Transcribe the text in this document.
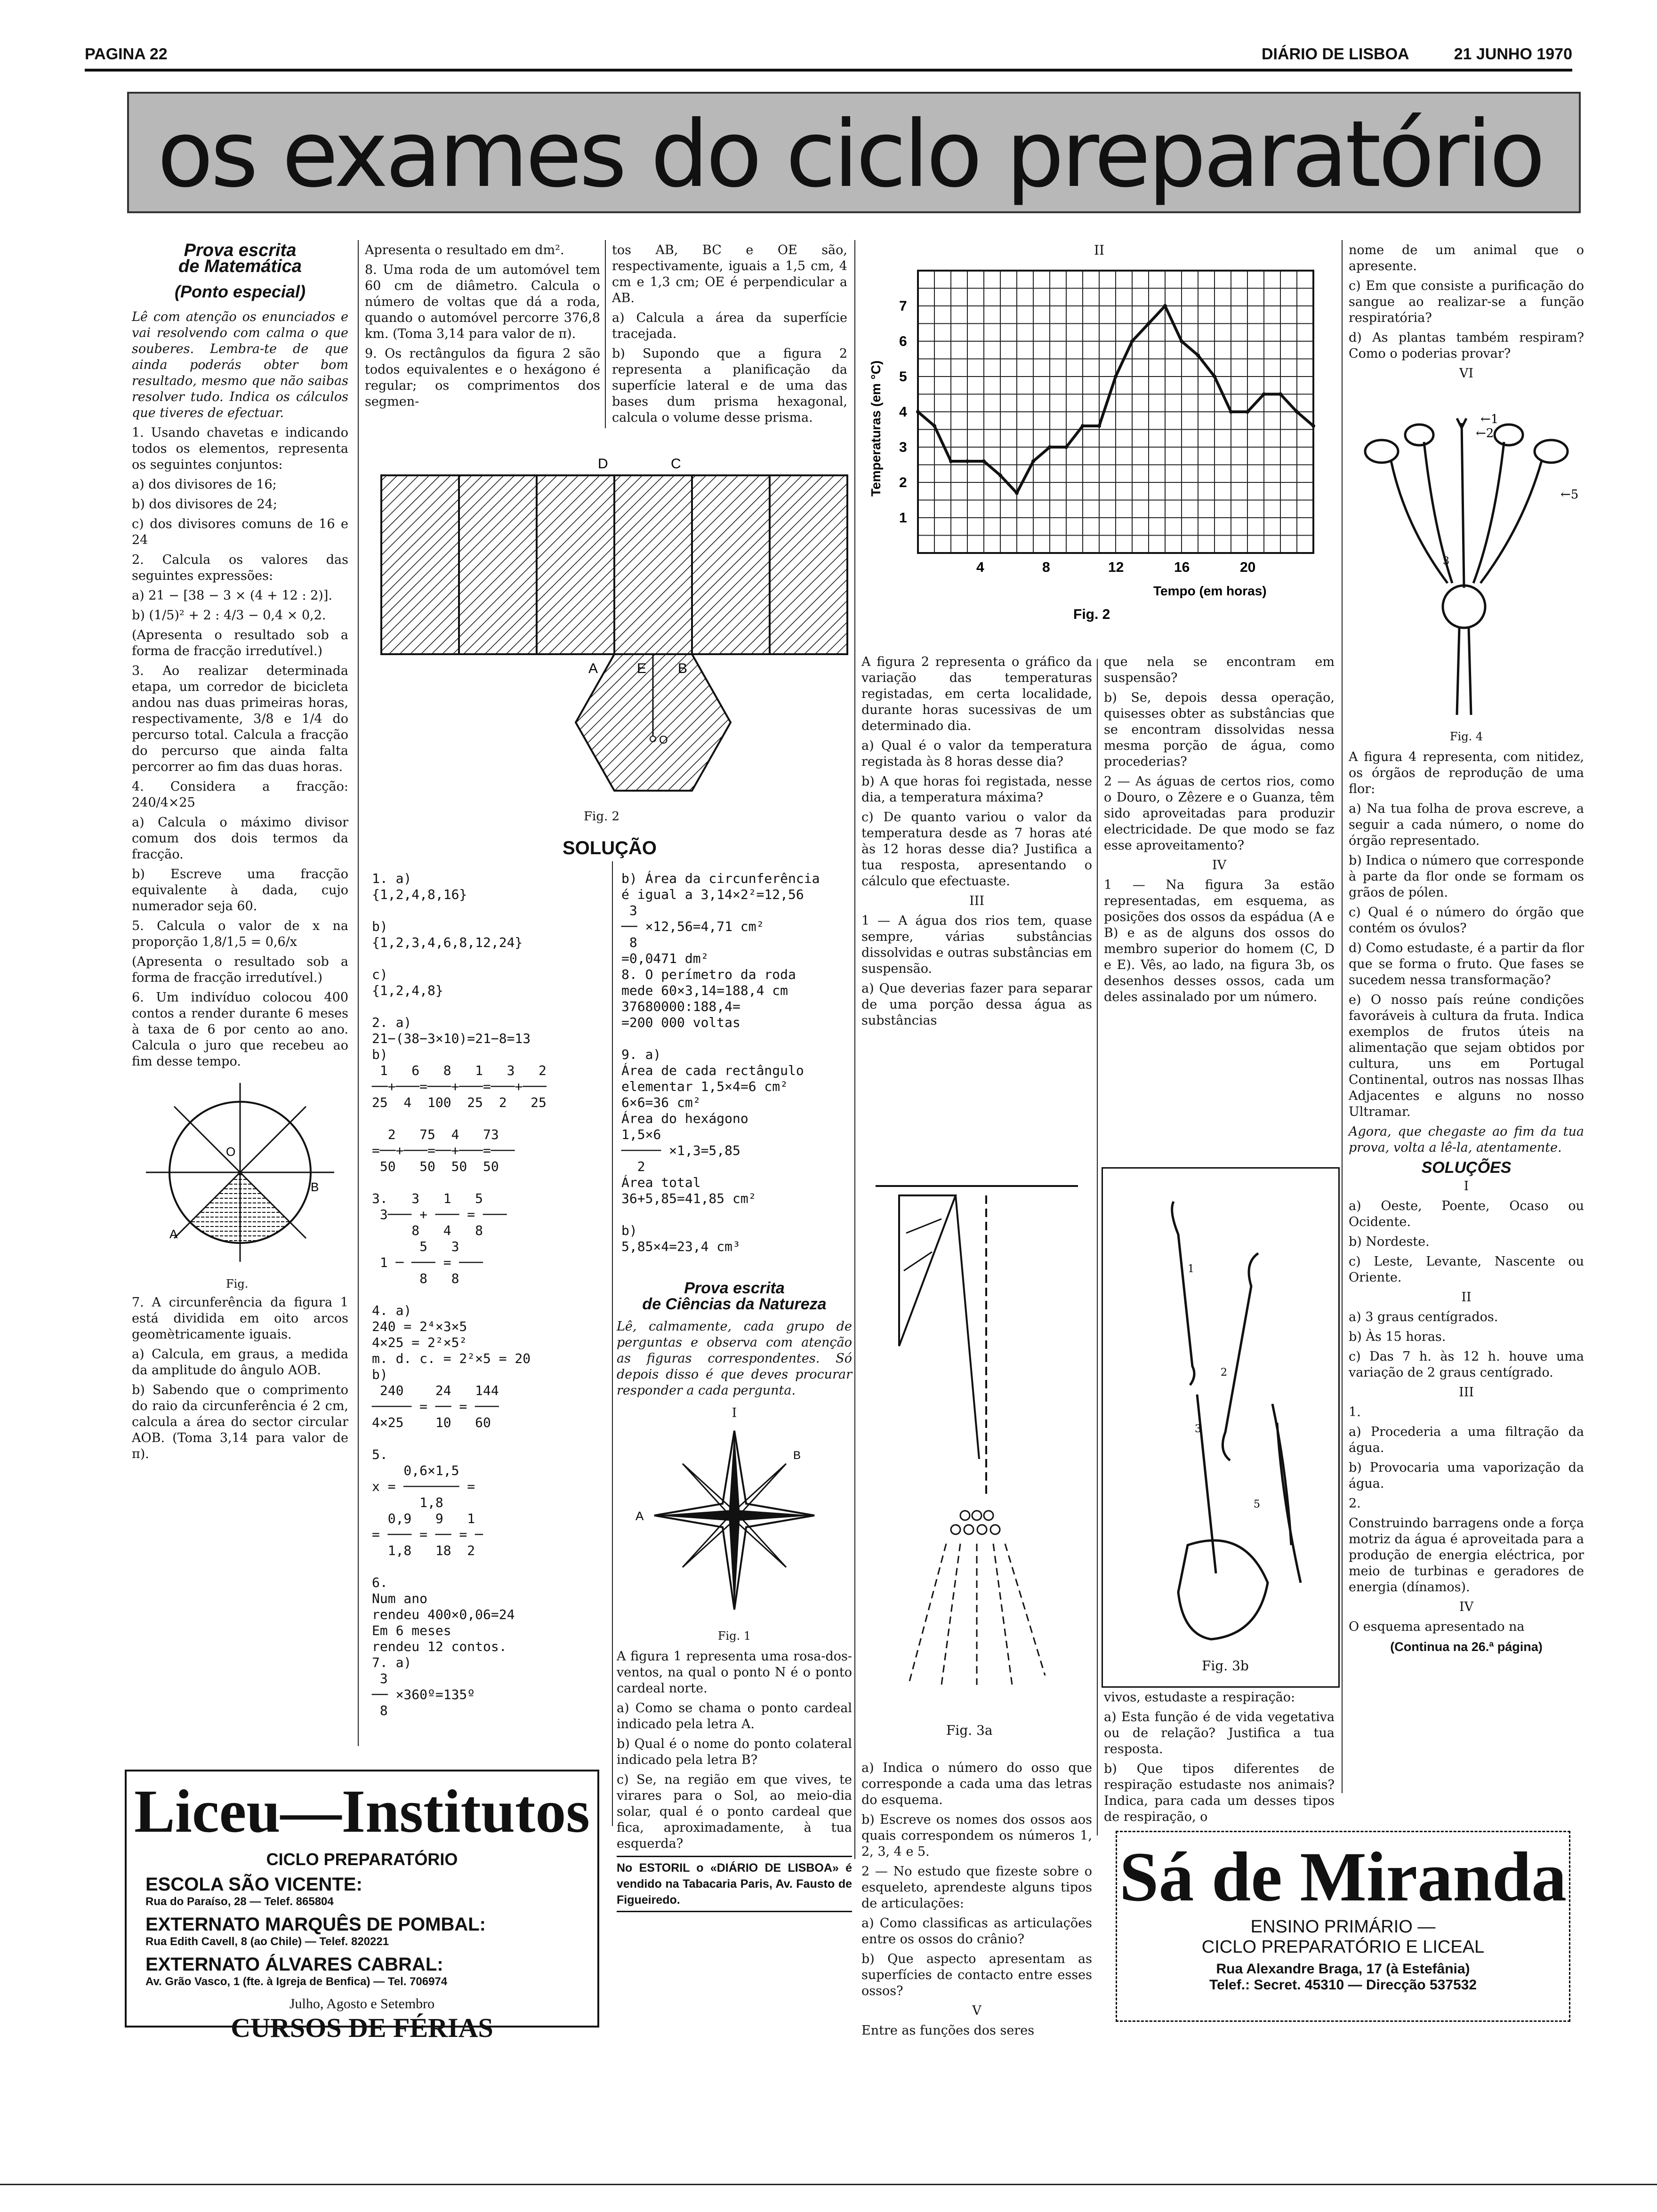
PAGINA 22	DIÁRIO DE LISBOA	21 JUNHO 1970
os exames do ciclo preparatório
Prova escrita
de Matemática
(Ponto especial)

Lê com atenção os enunciados e vai resolvendo com calma o que souberes. Lembra-te de que ainda poderás obter bom resultado, mesmo que não saibas resolver tudo. Indica os cálculos que tiveres de efectuar.

1. Usando chavetas e indicando todos os elementos, representa os seguintes conjuntos:

a) dos divisores de 16;

b) dos divisores de 24;

c) dos divisores comuns de 16 e 24

2. Calcula os valores das seguintes expressões:

a) 21 − [38 − 3 × (4 + 12 : 2)].

b) (1/5)² + 2 : 4/3 − 0,4 × 0,2.

(Apresenta o resultado sob a forma de fracção irredutível.)

3. Ao realizar determinada etapa, um corredor de bicicleta andou nas duas primeiras horas, respectivamente, 3/8 e 1/4 do percurso total. Calcula a fracção do percurso que ainda falta percorrer ao fim das duas horas.

4. Considera a fracção: 240/4×25

a) Calcula o máximo divisor comum dos dois termos da fracção.

b) Escreve uma fracção equivalente à dada, cujo numerador seja 60.

5. Calcula o valor de x na proporção 1,8/1,5 = 0,6/x

(Apresenta o resultado sob a forma de fracção irredutível.)

6. Um indivíduo colocou 400 contos a render durante 6 meses à taxa de 6 por cento ao ano. Calcula o juro que recebeu ao fim desse tempo.

O
B
A
Fig.

7. A circunferência da figura 1 está dividida em oito arcos geomètricamente iguais.

a) Calcula, em graus, a medida da amplitude do ângulo AOB.

b) Sabendo que o comprimento do raio da circunferência é 2 cm, calcula a área do sector circular AOB. (Toma 3,14 para valor de π).

Apresenta o resultado em dm².

8. Uma roda de um automóvel tem 60 cm de diâmetro. Calcula o número de voltas que dá a roda, quando o automóvel percorre 376,8 km. (Toma 3,14 para valor de π).

9. Os rectângulos da figura 2 são todos equivalentes e o hexágono é regular; os comprimentos dos segmen-

tos AB, BC e OE são, respectivamente, iguais a 1,5 cm, 4 cm e 1,3 cm; OE é perpendicular a AB.

a) Calcula a área da superfície tracejada.

b) Supondo que a figura 2 representa a planificação da superfície lateral e de uma das bases dum prisma hexagonal, calcula o volume desse prisma.

D	C
A	E B
O
Fig. 2
SOLUÇÃO
1. a)
{1,2,4,8,16}

b)
{1,2,3,4,6,8,12,24}

c)
{1,2,4,8}

2. a)
21−(38−3×10)=21−8=13
b)
1   6   8   1   3   2
──+───=───+───=───+───
25  4  100  25  2   25

2   75  4   73
=──+───=──+───=───
50   50  50  50

3.   3   1   5
3─── + ─── = ───
8   4   8
5   3
1 ─ ─── = ───
8   8

4. a)
240 = 2⁴×3×5
4×25 = 2²×5²
m. d. c. = 2²×5 = 20
b)
240    24   144
───── = ── = ───
4×25    10   60

5.
0,6×1,5
x = ─────── =
1,8
0,9   9   1
= ─── = ── = ─
1,8   18  2

6.
Num ano
rendeu 400×0,06=24
Em 6 meses
rendeu 12 contos.
7. a)
3
── ×360º=135º
8
b) Área da circunferência
é igual a 3,14×2²=12,56
3
── ×12,56=4,71 cm²
8
=0,0471 dm²
8. O perímetro da roda
mede 60×3,14=188,4 cm
37680000:188,4=
=200 000 voltas

9. a)
Área de cada rectângulo
elementar 1,5×4=6 cm²
6×6=36 cm²
Área do hexágono
1,5×6
───── ×1,3=5,85
2
Área total
36+5,85=41,85 cm²

b)
5,85×4=23,4 cm³
Prova escrita
de Ciências da Natureza

Lê, calmamente, cada grupo de perguntas e observa com atenção as figuras correspondentes. Só depois disso é que deves procurar responder a cada pergunta.

I

A
B
Fig. 1

A figura 1 representa uma rosa-dos-ventos, na qual o ponto N é o ponto cardeal norte.

a) Como se chama o ponto cardeal indicado pela letra A.

b) Qual é o nome do ponto colateral indicado pela letra B?

c) Se, na região em que vives, te virares para o Sol, ao meio-dia solar, qual é o ponto cardeal que fica, aproximadamente, à tua esquerda?

No ESTORIL o «DIÁRIO DE LISBOA» é vendido na Tabacaria Paris, Av. Fausto de Figueiredo.

II
1
2
3
4
5
6
7
4	8	12	16	20
Temperaturas (em °C)
Tempo (em horas)
Fig. 2

A figura 2 representa o gráfico da variação das temperaturas registadas, em certa localidade, durante horas sucessivas de um determinado dia.

a) Qual é o valor da temperatura registada às 8 horas desse dia?

b) A que horas foi registada, nesse dia, a temperatura máxima?

c) De quanto variou o valor da temperatura desde as 7 horas até às 12 horas desse dia? Justifica a tua resposta, apresentando o cálculo que efectuaste.

III

1 — A água dos rios tem, quase sempre, várias substâncias dissolvidas e outras substâncias em suspensão.

a) Que deverias fazer para separar de uma porção dessa água as substâncias

que nela se encontram em suspensão?

b) Se, depois dessa operação, quisesses obter as substâncias que se encontram dissolvidas nessa mesma porção de água, como procederias?

2 — As águas de certos rios, como o Douro, o Zêzere e o Guanza, têm sido aproveitadas para produzir electricidade. De que modo se faz esse aproveitamento?

IV

1 — Na figura 3a estão representadas, em esquema, as posições dos ossos da espádua (A e B) e as de alguns dos ossos do membro superior do homem (C, D e E). Vês, ao lado, na figura 3b, os desenhos desses ossos, cada um deles assinalado por um número.

Fig. 3a
1
2
3
5
Fig. 3b

a) Indica o número do osso que corresponde a cada uma das letras do esquema.

b) Escreve os nomes dos ossos aos quais correspondem os números 1, 2, 3, 4 e 5.

2 — No estudo que fizeste sobre o esqueleto, aprendeste alguns tipos de articulações:

a) Como classificas as articulações entre os ossos do crânio?

b) Que aspecto apresentam as superfícies de contacto entre esses ossos?

V

Entre as funções dos seres

vivos, estudaste a respiração:

a) Esta função é de vida vegetativa ou de relação? Justifica a tua resposta.

b) Que tipos diferentes de respiração estudaste nos animais? Indica, para cada um desses tipos de respiração, o

nome de um animal que o apresente.

c) Em que consiste a purificação do sangue ao realizar-se a função respiratória?

d) As plantas também respiram? Como o poderias provar?

VI

←1
←2
3
←5
Fig. 4

A figura 4 representa, com nitidez, os órgãos de reprodução de uma flor:

a) Na tua folha de prova escreve, a seguir a cada número, o nome do órgão representado.

b) Indica o número que corresponde à parte da flor onde se formam os grãos de pólen.

c) Qual é o número do órgão que contém os óvulos?

d) Como estudaste, é a partir da flor que se forma o fruto. Que fases se sucedem nessa transformação?

e) O nosso país reúne condições favoráveis à cultura da fruta. Indica exemplos de frutos úteis na alimentação que sejam obtidos por cultura, uns em Portugal Continental, outros nas nossas Ilhas Adjacentes e alguns no nosso Ultramar.

Agora, que chegaste ao fim da tua prova, volta a lê-la, atentamente.

SOLUÇÕES

I

a) Oeste, Poente, Ocaso ou Ocidente.

b) Nordeste.

c) Leste, Levante, Nascente ou Oriente.

II

a) 3 graus centígrados.

b) Às 15 horas.

c) Das 7 h. às 12 h. houve uma variação de 2 graus centígrado.

III

1.

a) Procederia a uma filtração da água.

b) Provocaria uma vaporização da água.

2.

Construindo barragens onde a força motriz da água é aproveitada para a produção de energia eléctrica, por meio de turbinas e geradores de energia (dínamos).

IV

O esquema apresentado na

(Continua na 26.ª página)

Liceu—Institutos
CICLO PREPARATÓRIO
ESCOLA SÃO VICENTE:
Rua do Paraíso, 28 — Telef. 865804
EXTERNATO MARQUÊS DE POMBAL:
Rua Edith Cavell, 8 (ao Chile) — Telef. 820221
EXTERNATO ÁLVARES CABRAL:
Av. Grão Vasco, 1 (fte. à Igreja de Benfica) — Tel. 706974
Julho, Agosto e Setembro
CURSOS DE FÉRIAS
Sá de Miranda
ENSINO PRIMÁRIO —
CICLO PREPARATÓRIO E LICEAL
Rua Alexandre Braga, 17 (à Estefânia)
Telef.: Secret. 45310 — Direcção 537532
